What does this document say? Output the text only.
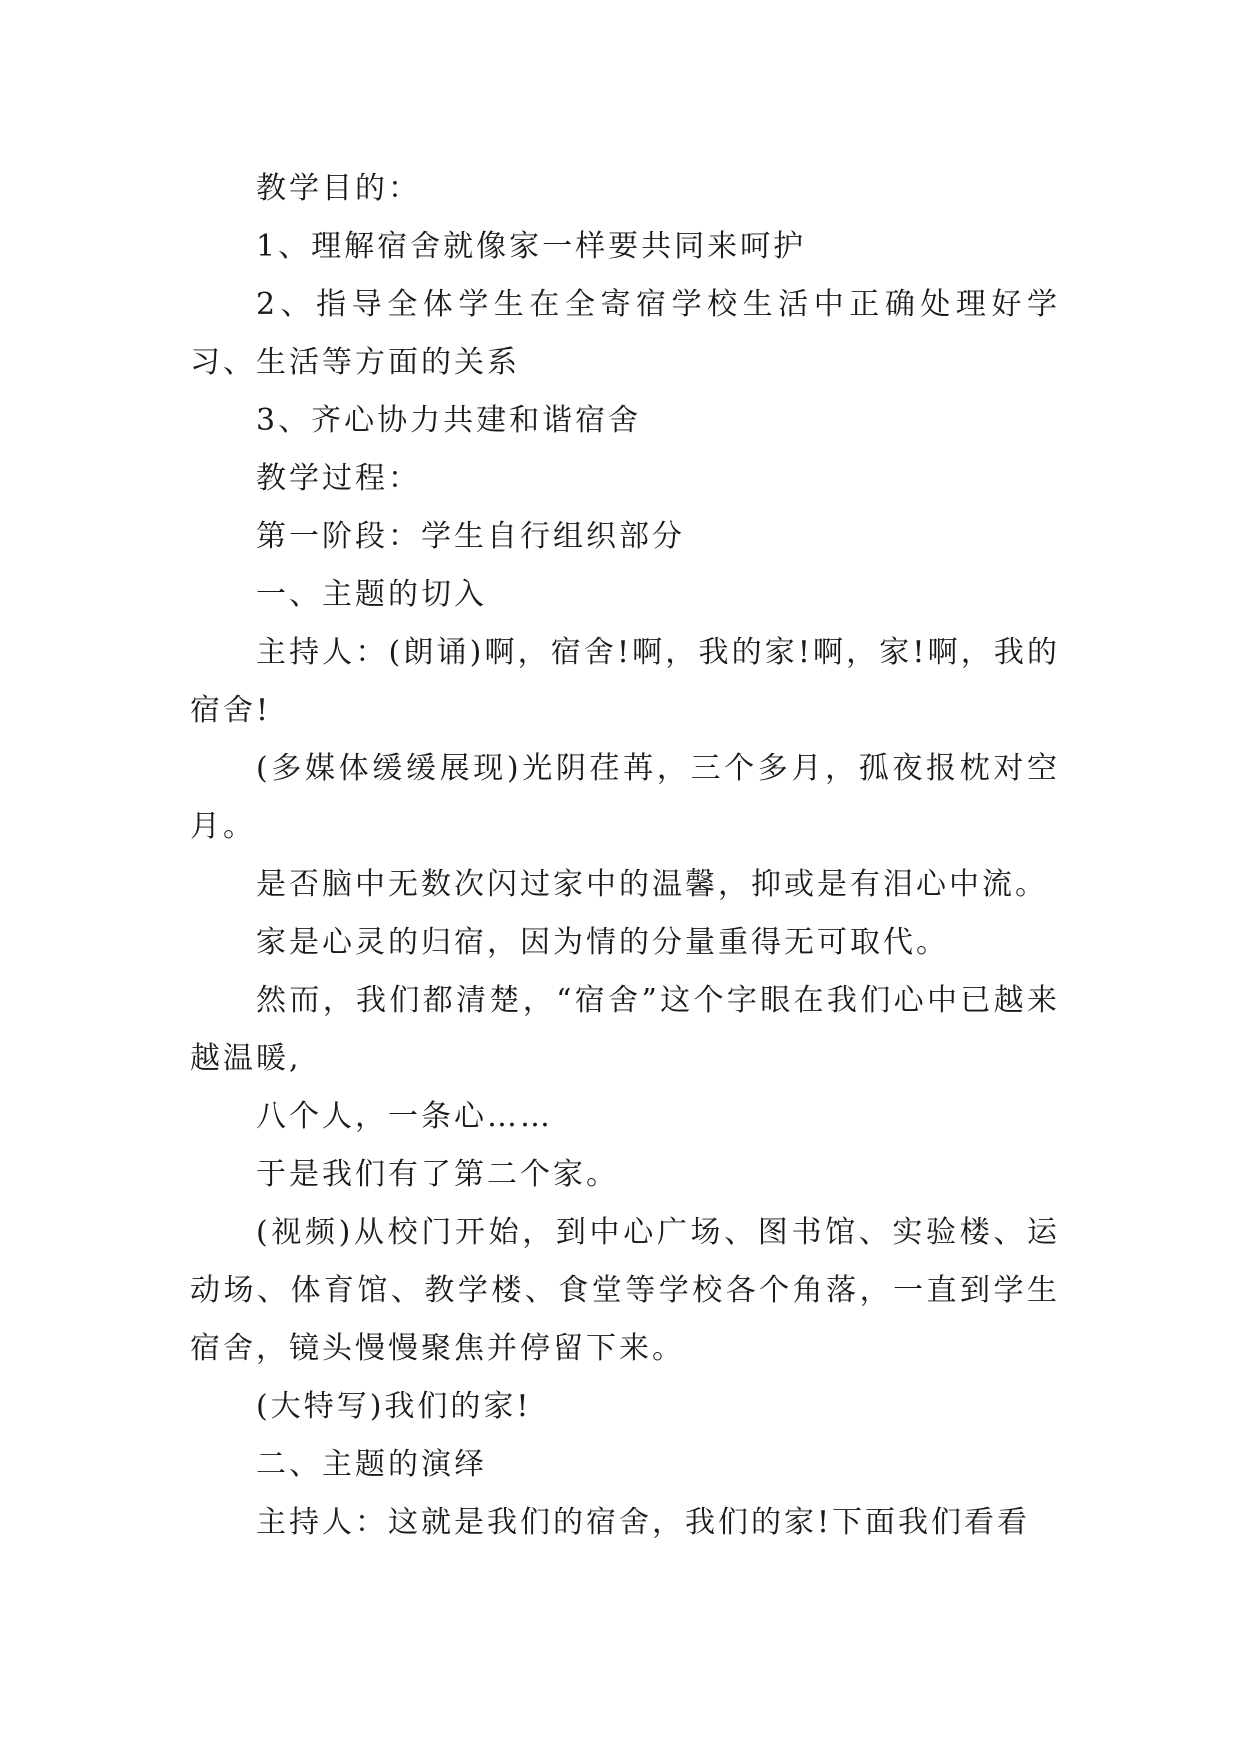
教学目的：

1、理解宿舍就像家一样要共同来呵护

2、指导全体学生在全寄宿学校生活中正确处理好学习、生活等方面的关系

3、齐心协力共建和谐宿舍

教学过程：

第一阶段：学生自行组织部分

一、主题的切入

主持人：(朗诵)啊，宿舍!啊，我的家!啊，家!啊，我的宿舍!

(多媒体缓缓展现)光阴荏苒，三个多月，孤夜报枕对空月。

是否脑中无数次闪过家中的温馨，抑或是有泪心中流。

家是心灵的归宿，因为情的分量重得无可取代。

然而，我们都清楚，“宿舍”这个字眼在我们心中已越来越温暖,

八个人，一条心……

于是我们有了第二个家。

(视频)从校门开始，到中心广场、图书馆、实验楼、运动场、体育馆、教学楼、食堂等学校各个角落，一直到学生宿舍，镜头慢慢聚焦并停留下来。

(大特写)我们的家!

二、主题的演绎

主持人：这就是我们的宿舍，我们的家!下面我们看看
